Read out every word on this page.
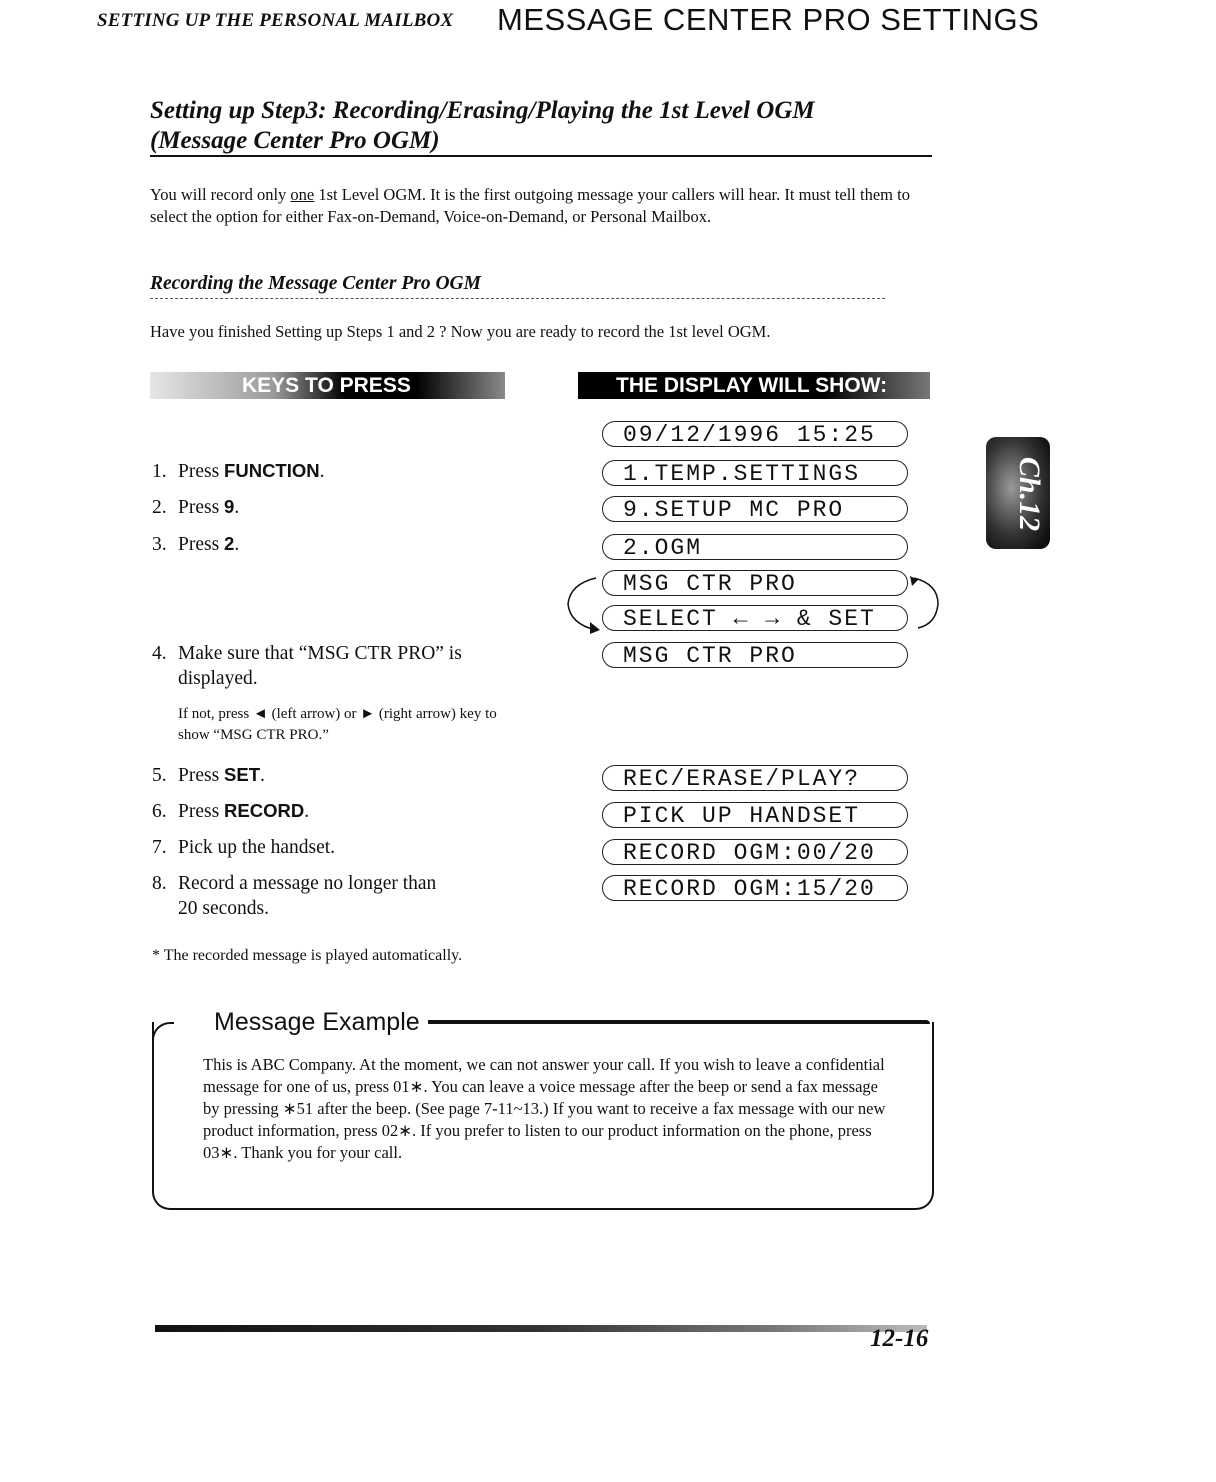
SETTING UP THE PERSONAL MAILBOX MESSAGE CENTER PRO SETTINGS
Setting up Step3: Recording/Erasing/Playing the 1st Level OGM
(Message Center Pro OGM)
You will record only one 1st Level OGM. It is the first outgoing message your callers will hear. It must tell them to select the option for either Fax-on-Demand, Voice-on-Demand, or Personal Mailbox.
Recording the Message Center Pro OGM
Have you finished Setting up Steps 1 and 2 ? Now you are ready to record the 1st level OGM.
KEYS TO PRESS	THE DISPLAY WILL SHOW:
1. Press FUNCTION.
2. Press 9.
3. Press 2.
4. Make sure that “MSG CTR PRO” is
displayed.
If not, press ◄ (left arrow) or ► (right arrow) key to show “MSG CTR PRO.”
5. Press SET.
6. Press RECORD.
7. Pick up the handset.
8. Record a message no longer than
20 seconds.
09/12/1996 15:25
1.TEMP.SETTINGS
9.SETUP MC PRO
2.OGM
MSG CTR PRO
SELECT ← → & SET
MSG CTR PRO
REC/ERASE/PLAY?
PICK UP HANDSET
RECORD OGM:00/20
RECORD OGM:15/20
* The recorded message is played automatically.
Message Example
This is ABC Company. At the moment, we can not answer your call. If you wish to leave a confidential message for one of us, press 01∗. You can leave a voice message after the beep or send a fax message by pressing ∗51 after the beep. (See page 7-11~13.) If you want to receive a fax message with our new product information, press 02∗. If you prefer to listen to our product information on the phone, press 03∗. Thank you for your call.
Ch.12
12-16
